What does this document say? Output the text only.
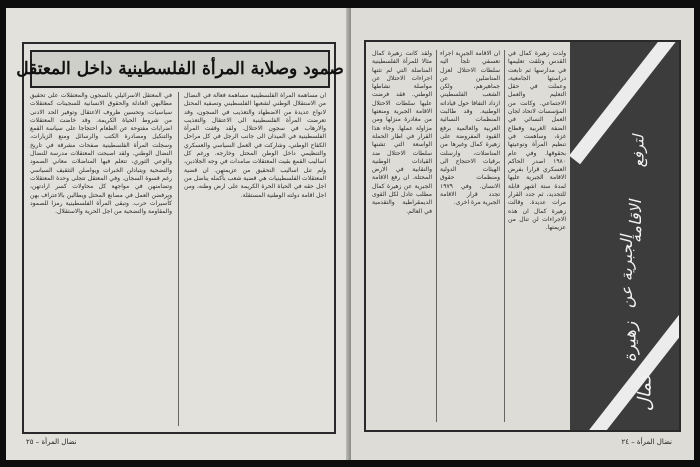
صمود وصلابة المرأة الفلسطينية داخل المعتقل

في المعتقل الاسرائيلي بالسجون والمعتقلات على تحقيق مطالبهن العادلة والحقوق الانسانية للسجينات كمعتقلات سياسيات، وتحسين ظروف الاعتقال وتوفير الحد الادنى من شروط الحياة الكريمة. وقد خاضت المعتقلات اضرابات مفتوحة عن الطعام احتجاجا على سياسة القمع والتنكيل ومصادرة الكتب والرسائل ومنع الزيارات، وسجلت المرأة الفلسطينية صفحات مشرقة في تاريخ النضال الوطني. ولقد اصبحت المعتقلات مدرسة للنضال والوعي الثوري، تتعلم فيها المناضلات معاني الصمود والتضحية ويتبادلن الخبرات ويواصلن التثقيف السياسي رغم قسوة السجان. وفي المعتقل تتجلى وحدة المعتقلات وتضامنهن في مواجهة كل محاولات كسر ارادتهن، ويرفضن العمل في مصانع المحتل ويطالبن بالاعتراف بهن كأسيرات حرب. وتبقى المرأة الفلسطينية رمزا للصمود والمقاومة والتضحية من اجل الحرية والاستقلال.

ان مساهمة المرأة الفلسطينية مساهمة فعالة في النضال من الاستقلال الوطني لشعبها الفلسطيني وتصفية المحتل لانواع عديدة من الاضطهاد والتعذيب في السجون، وقد تعرضت المرأة الفلسطينية الى الاعتقال والتعذيب والارهاب في سجون الاحتلال. ولقد وقفت المرأة الفلسطينية في الميدان الى جانب الرجل في كل مراحل الكفاح الوطني، وشاركت في العمل السياسي والعسكري والتنظيمي داخل الوطن المحتل وخارجه. ورغم كل اساليب القمع بقيت المعتقلات صامدات في وجه الجلادين، ولم تنل اساليب التحقيق من عزيمتهن. ان قضية المعتقلات الفلسطينيات هي قضية شعب بأكمله يناضل من اجل حقه في الحياة الحرة الكريمة على ارض وطنه، ومن اجل اقامة دولته الوطنية المستقلة.

نضال المرأة – ٢٥

ولقد كانت زهيرة كمال مثالا للمرأة الفلسطينية المناضلة التي لم تثنها اجراءات الاحتلال عن مواصلة نشاطها الوطني. فقد فرضت عليها سلطات الاحتلال الاقامة الجبرية ومنعتها من مغادرة منزلها ومن مزاولة عملها. وجاء هذا القرار في اطار الحملة الواسعة التي تشنها سلطات الاحتلال ضد القيادات الوطنية والنقابية في الارض المحتلة. ان رفع الاقامة الجبرية عن زهيرة كمال مطلب عادل لكل القوى الديمقراطية والتقدمية في العالم.

ان الاقامة الجبرية اجراء تعسفي تلجأ اليه سلطات الاحتلال لعزل المناضلين عن جماهيرهم، ولكن الشعب الفلسطيني ازداد التفافا حول قياداته الوطنية. وقد طالبت المنظمات النسائية العربية والعالمية برفع القيود المفروضة على زهيرة كمال وغيرها من المناضلات، وارسلت برقيات الاحتجاج الى الهيئات الدولية ومنظمات حقوق الانسان. وفي ١٩٧٩ تجدد قرار الاقامة الجبرية مرة اخرى.

ولدت زهيرة كمال في القدس وتلقت تعليمها في مدارسها ثم تابعت دراستها الجامعية، وعملت في حقل التعليم والعمل الاجتماعي. وكانت من المؤسسات لاتحاد لجان العمل النسائي في الضفة الغربية وقطاع غزة، وساهمت في تنظيم المرأة وتوعيتها بحقوقها. وفي عام ١٩٨٠ اصدر الحاكم العسكري قرارا بفرض الاقامة الجبرية عليها لمدة ستة اشهر قابلة للتجديد، ثم جدد القرار مرات عديدة. وقالت زهيرة كمال ان هذه الاجراءات لن تنال من عزيمتها.

لترفع
الاقامة
الجبرية عن
زهيرة
كمال
نضال المرأة – ٢٤
